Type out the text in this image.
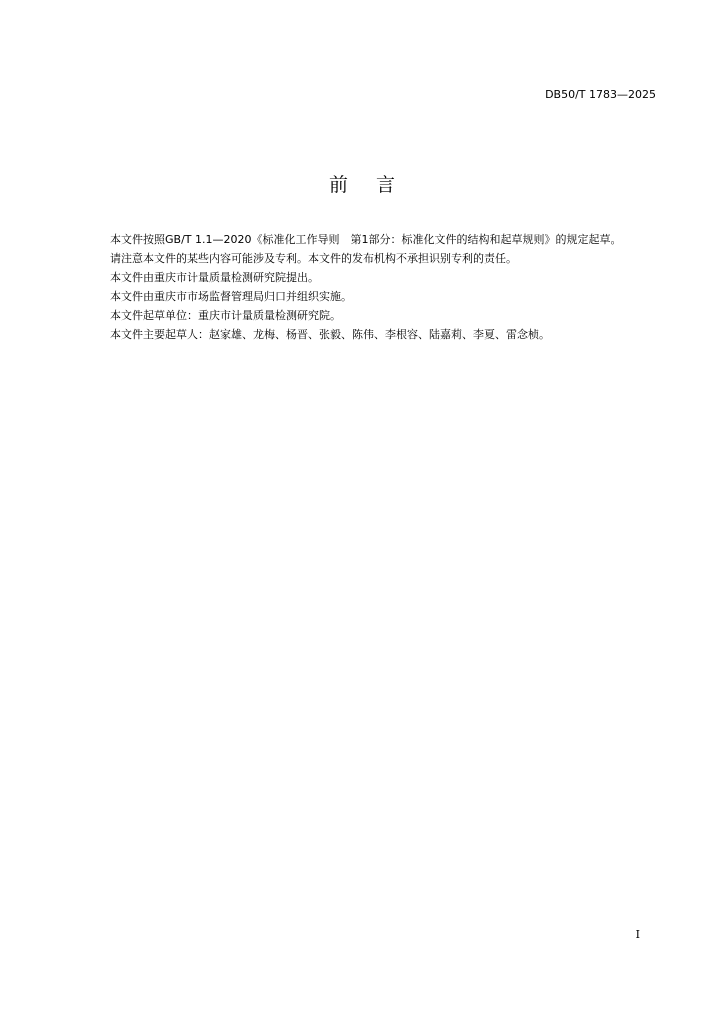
DB50/T 1783—2025
前言

本文件按照GB/T 1.1—2020《标准化工作导则　第1部分：标准化文件的结构和起草规则》的规定起草。

请注意本文件的某些内容可能涉及专利。本文件的发布机构不承担识别专利的责任。

本文件由重庆市计量质量检测研究院提出。

本文件由重庆市市场监督管理局归口并组织实施。

本文件起草单位：重庆市计量质量检测研究院。

本文件主要起草人：赵家雄、龙梅、杨晋、张毅、陈伟、李根容、陆嘉莉、李夏、雷念桢。

I
